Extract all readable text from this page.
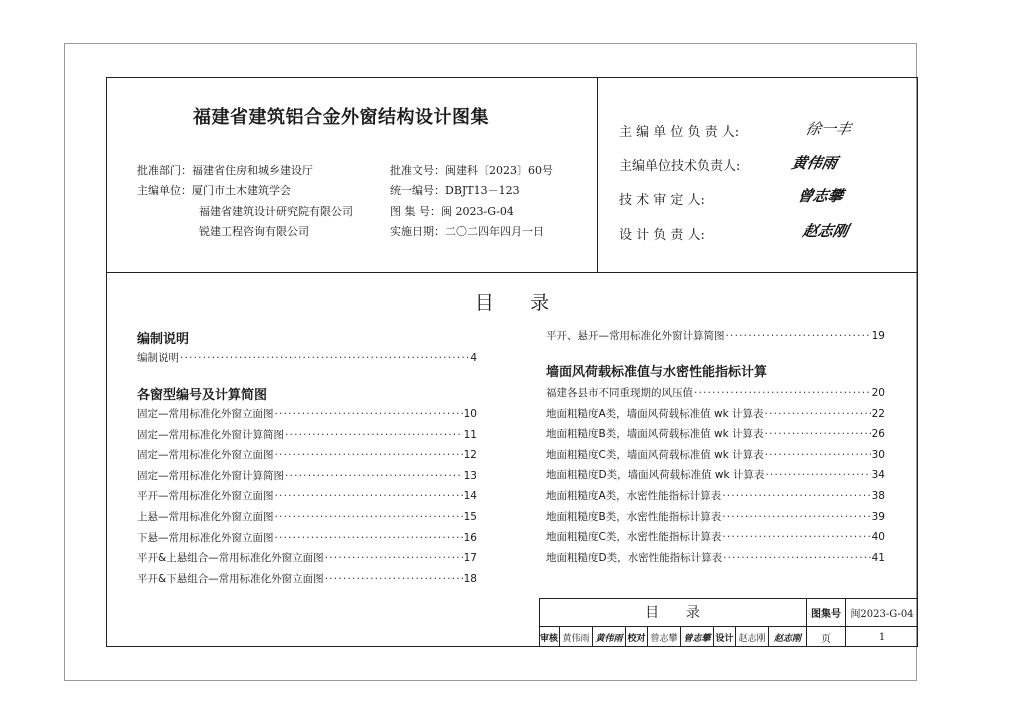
福建省建筑铝合金外窗结构设计图集
批准部门：福建省住房和城乡建设厅
主编单位：厦门市土木建筑学会
福建省建筑设计研究院有限公司
锐建工程咨询有限公司
批准文号：闽建科〔2023〕60号
统一编号：DBJT13－123
图 集 号：闽 2023-G-04
实施日期：二〇二四年四月一日
主 编 单 位 负 责 人:	徐一丰
主编单位技术负责人:	黄伟雨
技 术 审 定 人:	曾志攀
设 计 负 责 人:	赵志刚
目      录
编制说明
编制说明 ·····	4
各窗型编号及计算简图
固定—常用标准化外窗立面图 ·····	10
固定—常用标准化外窗计算简图 ·····	11
固定—常用标准化外窗立面图 ·····	12
固定—常用标准化外窗计算简图 ·····	13
平开—常用标准化外窗立面图 ·····	14
上悬—常用标准化外窗立面图 ·····	15
下悬—常用标准化外窗立面图 ·····	16
平开&上悬组合—常用标准化外窗立面图 ·····	17
平开&下悬组合—常用标准化外窗立面图 ·····	18
平开、悬开—常用标准化外窗计算简图 ·····	19
墙面风荷载标准值与水密性能指标计算
福建各县市不同重现期的风压值 ·····	20
地面粗糙度A类，墙面风荷载标准值 wk 计算表 ·····	22
地面粗糙度B类，墙面风荷载标准值 wk 计算表 ·····	26
地面粗糙度C类，墙面风荷载标准值 wk 计算表 ·····	30
地面粗糙度D类，墙面风荷载标准值 wk 计算表 ·····	34
地面粗糙度A类，水密性能指标计算表 ·····	38
地面粗糙度B类，水密性能指标计算表 ·····	39
地面粗糙度C类，水密性能指标计算表 ·····	40
地面粗糙度D类，水密性能指标计算表 ·····	41
目      录	图集号 闽2023-G-04
审核 黄伟雨 黄伟雨 校对 曾志攀 曾志攀 设计 赵志刚 赵志刚	页	1
